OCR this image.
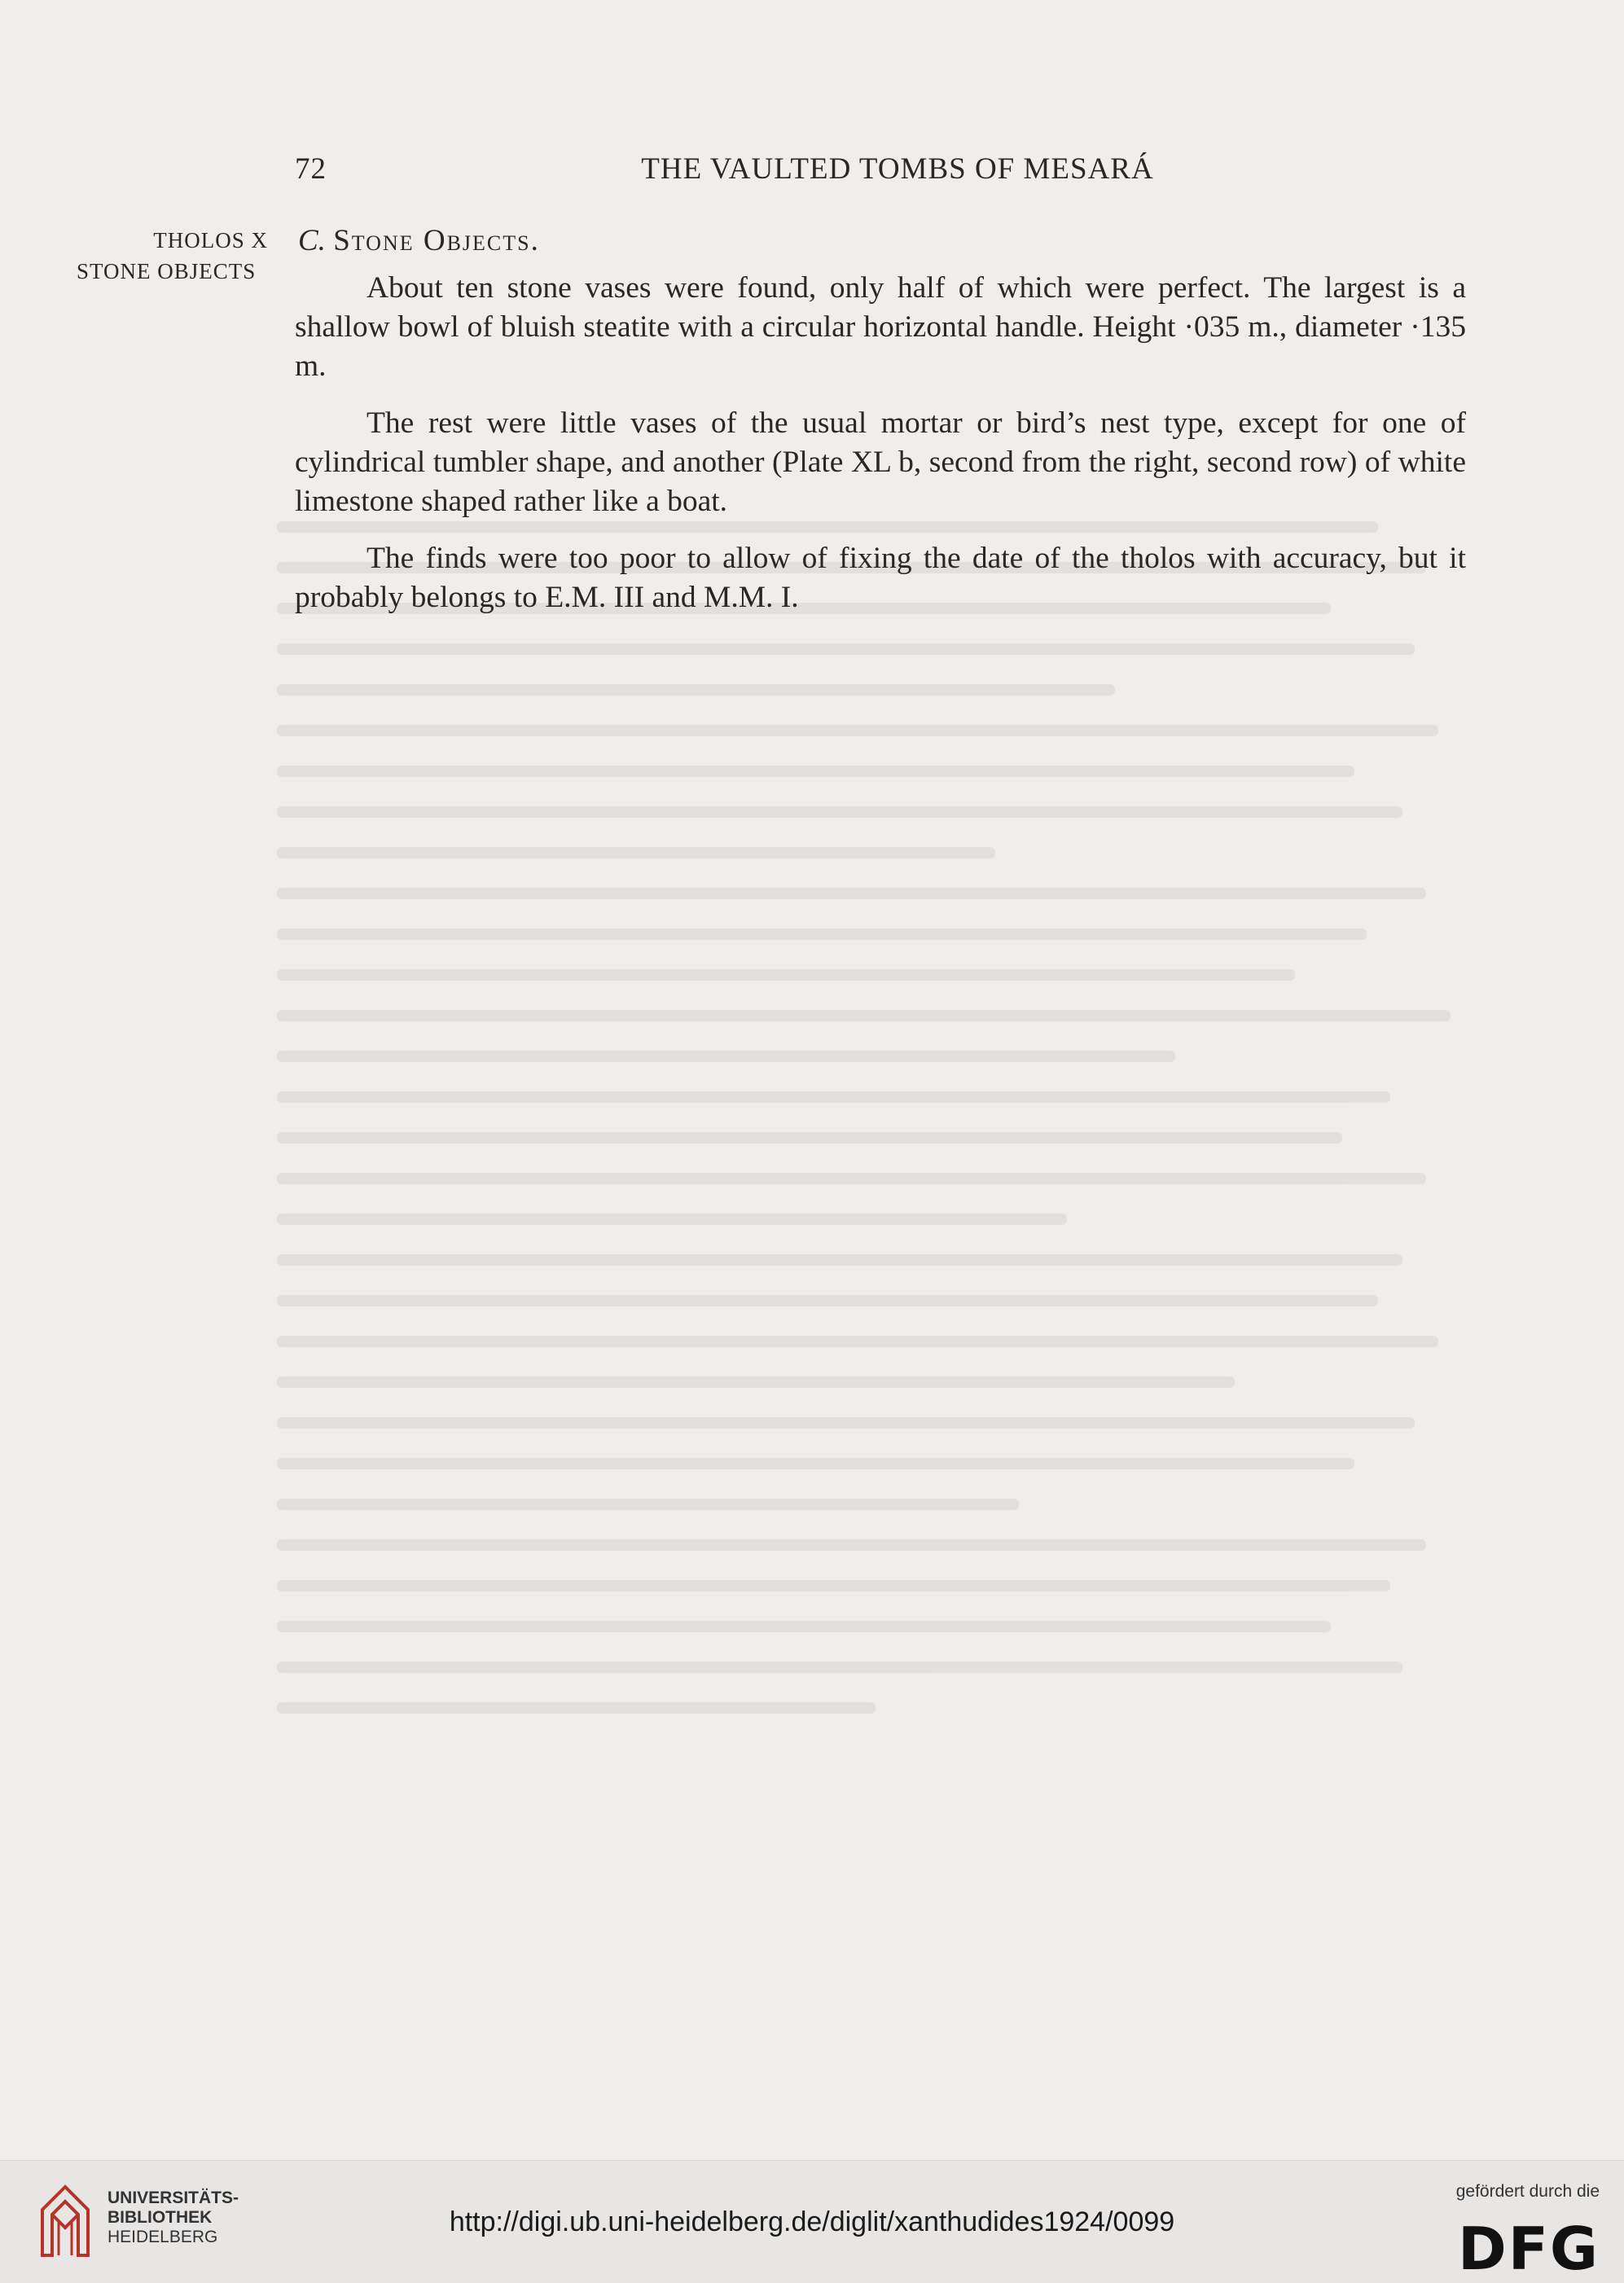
72	THE VAULTED TOMBS OF MESARÁ
THOLOS X
STONE OBJECTS
C. Stone Objects.

About ten stone vases were found, only half of which were perfect. The largest is a shallow bowl of bluish steatite with a circular horizontal handle. Height ·035 m., diameter ·135 m.

The rest were little vases of the usual mortar or bird’s nest type, except for one of cylindrical tumbler shape, and another (Plate XL b, second from the right, second row) of white limestone shaped rather like a boat.

The finds were too poor to allow of fixing the date of the tholos with accuracy, but it probably belongs to E.M. III and M.M. I.

UNIVERSITÄTS-
BIBLIOTHEK
HEIDELBERG	http://digi.ub.uni-heidelberg.de/diglit/xanthudides1924/0099
gefördert durch die
DFG
